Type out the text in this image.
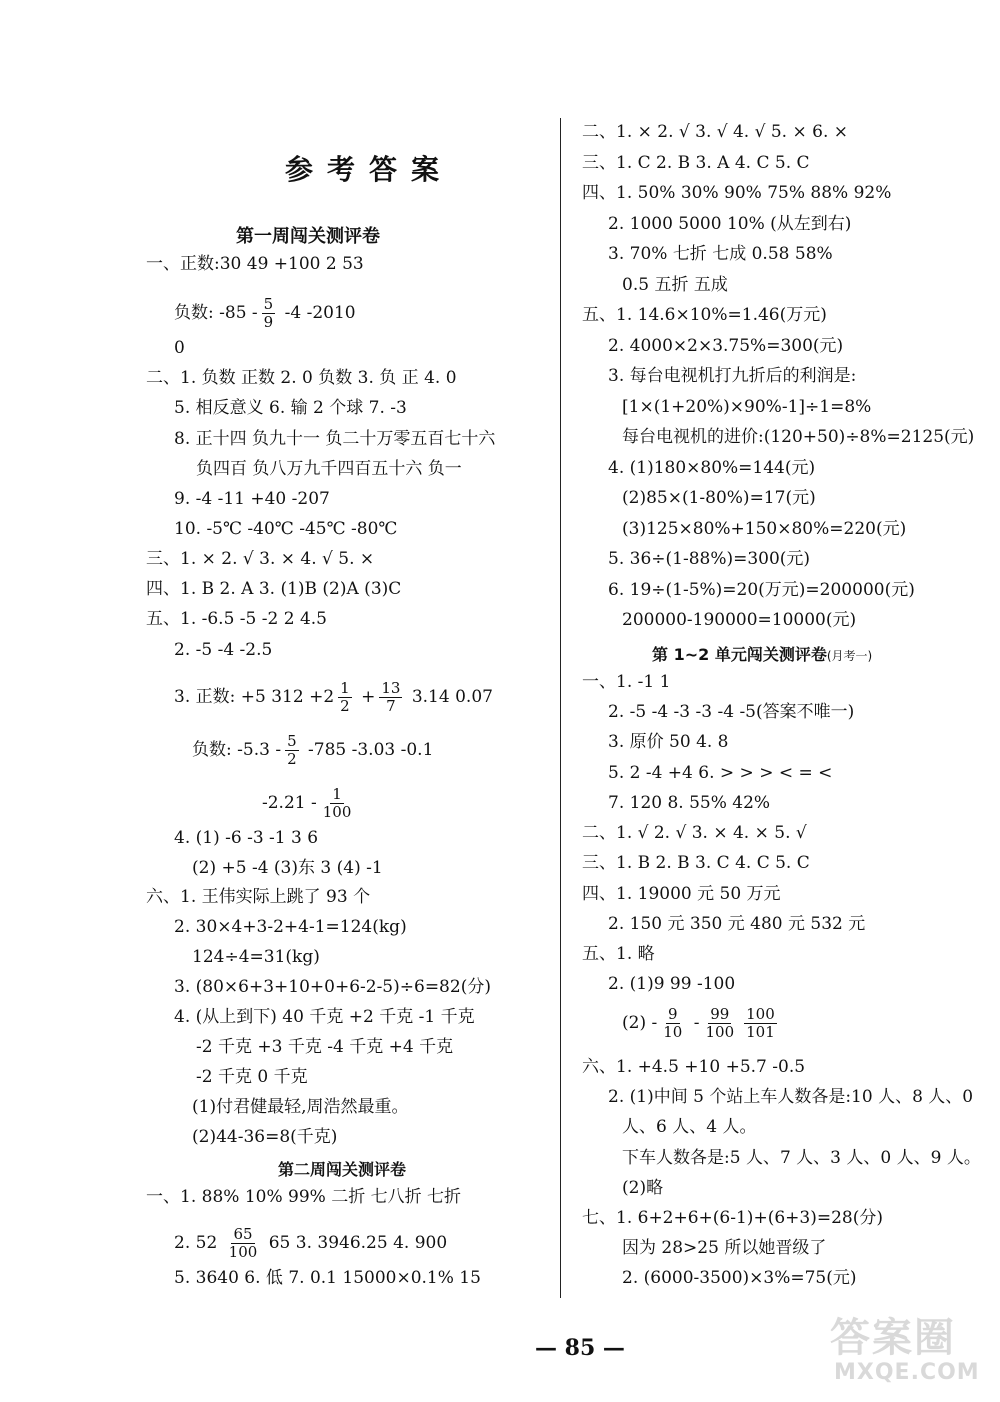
参考答案
第一周闯关测评卷
一、正数:30 49 +100 2 53
负数: $-85 - \frac{5}{9} -4$ -2010
0
二、1. 负数 正数 2. 0 负数 3. 负 正 4. 0
5. 相反意义 6. 输 2 个球 7. -3
8. 正十四 负九十一 负二十万零五百七十六
负四百 负八万九千四百五十六 负一
9. -4 -11 +40 -207
10. -5℃ -40℃ -45℃ -80℃
三、1. × 2. √ 3. × 4. √ 5. ×
四、1. B 2. A 3. (1)B (2)A (3)C
五、1. -6.5 -5 -2 2 4.5
2. -5 -4 -2.5
3. 正数: +5 $312 +2 \frac{1}{2} + \frac{13}{7} 3.14$ 0.07
负数: $-5.3 - \frac{5}{2} -785$ -3.03 -0.1
$-2.21 - \frac{1}{100}$
4. (1) -6 -3 -1 3 6
(2) +5 -4 (3)东 3 (4) -1
六、1. 王伟实际上跳了 93 个
2. 30×4+3-2+4-1=124(kg)
124÷4=31(kg)
3. (80×6+3+10+0+6-2-5)÷6=82(分)
4. (从上到下) 40 千克 +2 千克 -1 千克
-2 千克 +3 千克 -4 千克 +4 千克
-2 千克 0 千克
(1)付君健最轻,周浩然最重。
(2)44-36=8(千克)
第二周闯关测评卷
一、1. 88% 10% 99% 二折 七八折 七折
2. $52 \frac{65}{100} 65$ 3. 3946.25 4. 900
5. 3640 6. 低 7. 0.1 15000×0.1% 15
二、1. × 2. √ 3. √ 4. √ 5. × 6. ×
三、1. C 2. B 3. A 4. C 5. C
四、1. 50% 30% 90% 75% 88% 92%
2. 1000 5000 10% (从左到右)
3. 70% 七折 七成 0.58 58%
0.5 五折 五成
五、1. 14.6×10%=1.46(万元)
2. 4000×2×3.75%=300(元)
3. 每台电视机打九折后的利润是:
[1×(1+20%)×90%-1]÷1=8%
每台电视机的进价:(120+50)÷8%=2125(元)
4. (1)180×80%=144(元)
(2)85×(1-80%)=17(元)
(3)125×80%+150×80%=220(元)
5. 36÷(1-88%)=300(元)
6. 19÷(1-5%)=20(万元)=200000(元)
200000-190000=10000(元)
第 1~2 单元闯关测评卷(月考一)
一、1. -1 1
2. -5 -4 -3 -3 -4 -5(答案不唯一)
3. 原价 50 4. 8
5. 2 -4 +4 6. > > > < = <
7. 120 8. 55% 42%
二、1. √ 2. √ 3. × 4. × 5. √
三、1. B 2. B 3. C 4. C 5. C
四、1. 19000 元 50 万元
2. 150 元 350 元 480 元 532 元
五、1. 略
2. (1)9 99 -100
$(2) - \frac{9}{10} - \frac{99}{100} \frac{100}{101}$
六、1. +4.5 +10 +5.7 -0.5
2. (1)中间 5 个站上车人数各是:10 人、8 人、0
人、6 人、4 人。
下车人数各是:5 人、7 人、3 人、0 人、9 人。
(2)略
七、1. 6+2+6+(6-1)+(6+3)=28(分)
因为 28>25 所以她晋级了
2. (6000-3500)×3%=75(元)
— 85 —	答案圈
MXQE.COM
